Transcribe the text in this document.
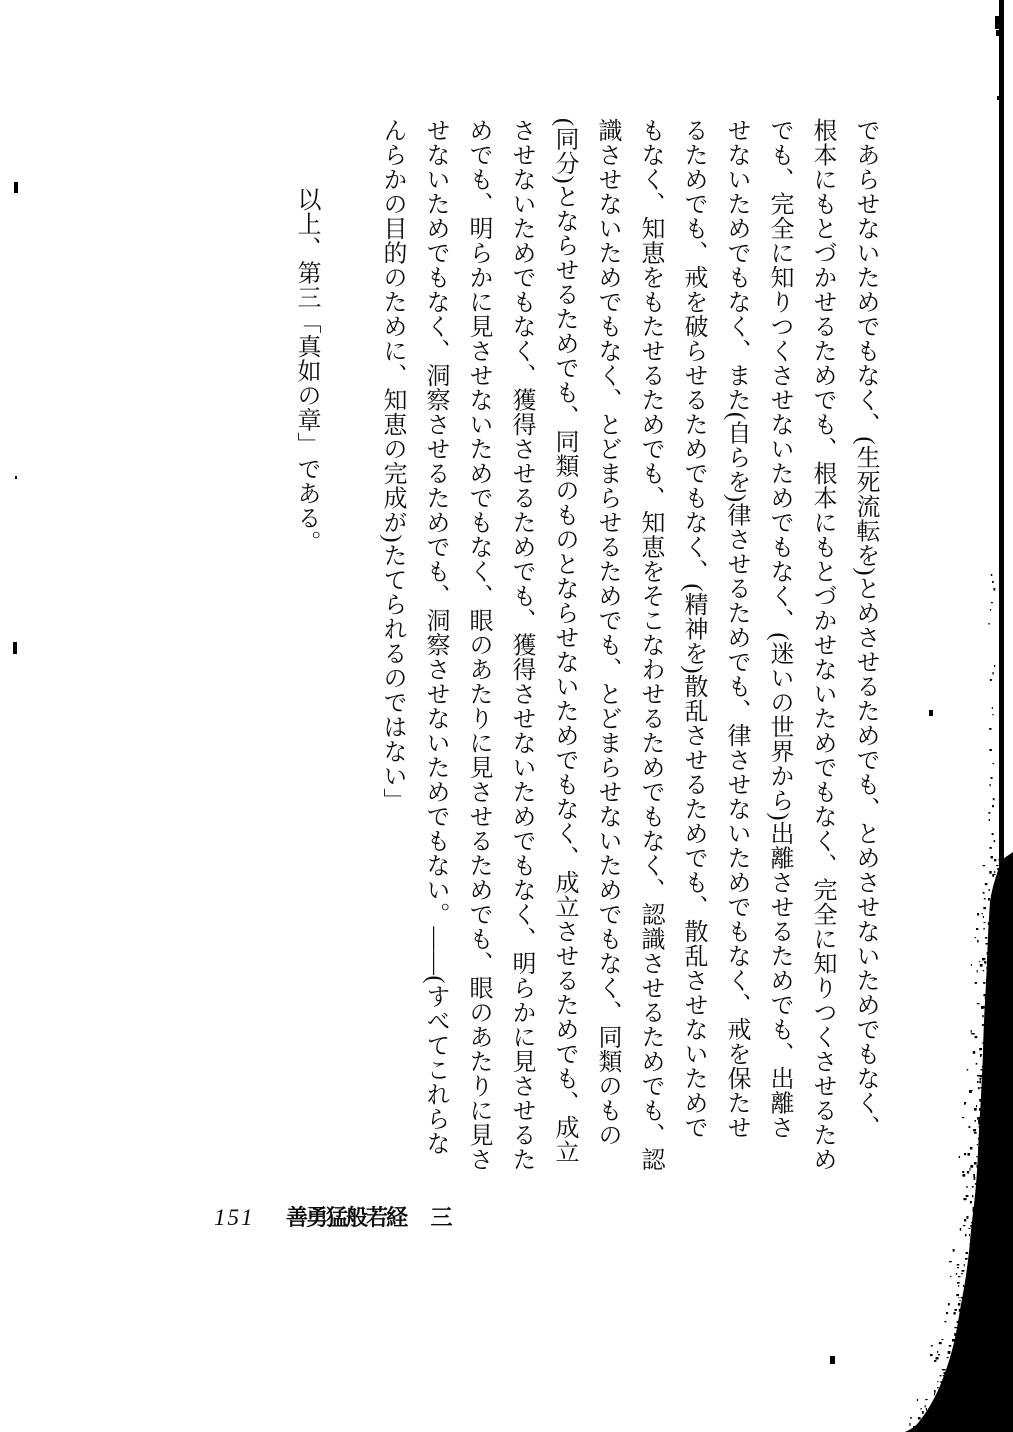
であらせないためでもなく、(生死流転を)とめさせるためでも、とめさせないためでもなく、
根本にもとづかせるためでも、根本にもとづかせないためでもなく、完全に知りつくさせるため
でも、完全に知りつくさせないためでもなく、(迷いの世界から)出離させるためでも、出離さ
せないためでもなく、また(自らを)律させるためでも、律させないためでもなく、戒を保たせ
るためでも、戒を破らせるためでもなく、(精神を)散乱させるためでも、散乱させないためで
もなく、知恵をもたせるためでも、知恵をそこなわせるためでもなく、認識させるためでも、認
識させないためでもなく、とどまらせるためでも、とどまらせないためでもなく、同類のもの
(同分)とならせるためでも、同類のものとならせないためでもなく、成立させるためでも、成立
させないためでもなく、獲得させるためでも、獲得させないためでもなく、明らかに見させるた
めでも、明らかに見させないためでもなく、眼のあたりに見させるためでも、眼のあたりに見さ
せないためでもなく、洞察させるためでも、洞察させないためでもない。——(すべてこれらな
んらかの目的のために、知恵の完成が)たてられるのではない」
以上、第三「真如の章」である。
151 善勇猛般若経 三
